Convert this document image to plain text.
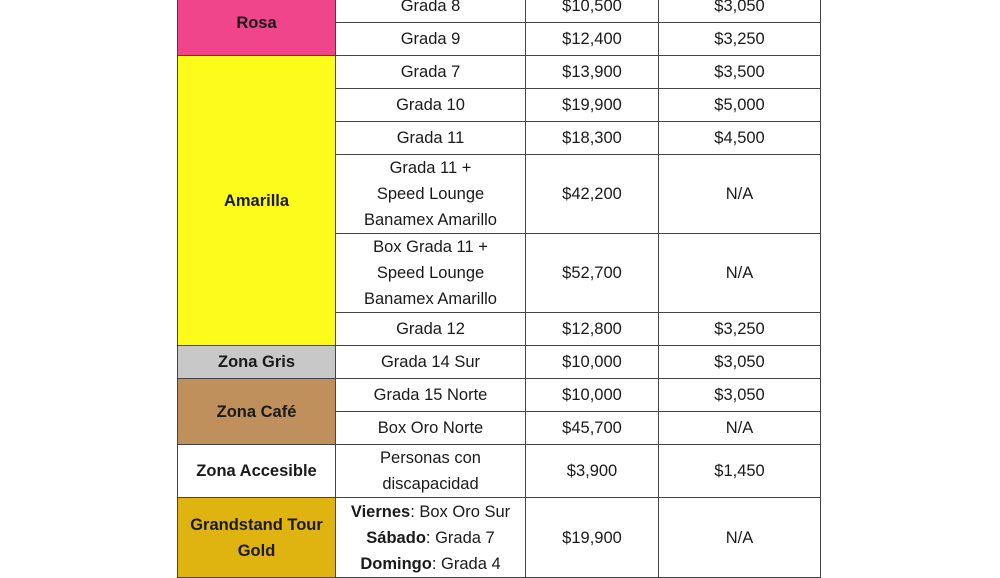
Rosa	Grada 8	$10,500	$3,050
	Grada 9	$12,400	$3,250
Amarilla	Grada 7	$13,900	$3,500
	Grada 10	$19,900	$5,000
	Grada 11	$18,300	$4,500
	Grada 11 +
Speed Lounge
Banamex Amarillo	$42,200	N/A
	Box Grada 11 +
Speed Lounge
Banamex Amarillo	$52,700	N/A
	Grada 12	$12,800	$3,250
Zona Gris	Grada 14 Sur	$10,000	$3,050
Zona Café	Grada 15 Norte	$10,000	$3,050
	Box Oro Norte	$45,700	N/A
Zona Accesible	Personas con
discapacidad	$3,900	$1,450
Grandstand Tour
Gold	Viernes: Box Oro Sur
Sábado: Grada 7
Domingo: Grada 4	$19,900	N/A
